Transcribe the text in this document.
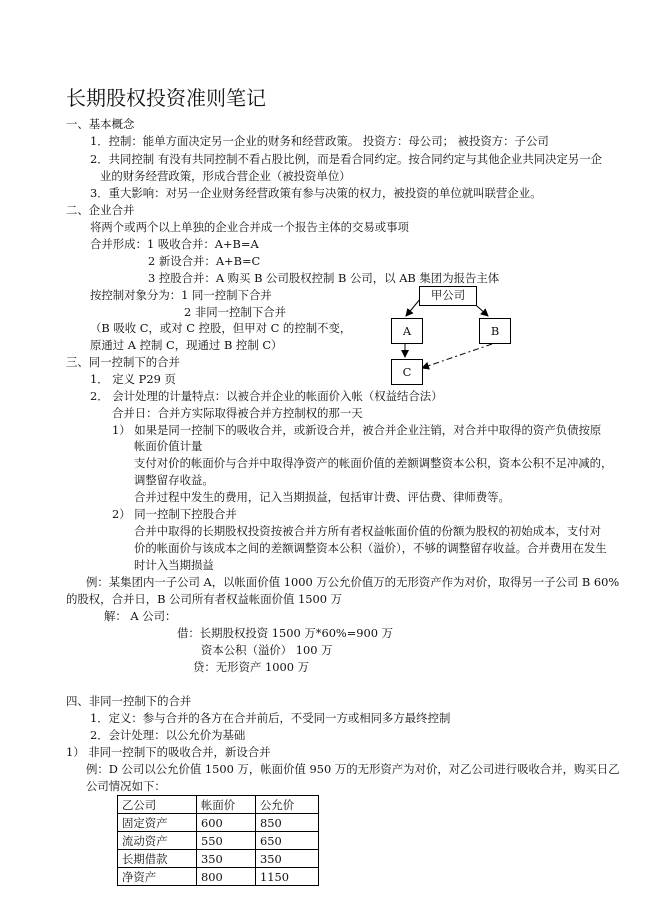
长期股权投资准则笔记
一、基本概念
1．控制：能单方面决定另一企业的财务和经营政策。 投资方：母公司； 被投资方：子公司
2．共同控制 有没有共同控制不看占股比例，而是看合同约定。按合同约定与其他企业共同决定另一企
业的财务经营政策，形成合营企业（被投资单位）
3．重大影响：对另一企业财务经营政策有参与决策的权力，被投资的单位就叫联营企业。
二、企业合并
将两个或两个以上单独的企业合并成一个报告主体的交易或事项
合并形成：1 吸收合并：A+B=A
2 新设合并：A+B=C
3 控股合并：A 购买 B 公司股权控制 B 公司，以 AB 集团为报告主体
按控制对象分为：1 同一控制下合并
2 非同一控制下合并
（B 吸收 C，或对 C 控股，但甲对 C 的控制不变，
原通过 A 控制 C，现通过 B 控制 C）
甲公司
A	B
C
三、同一控制下的合并
1． 定义 P29 页
2． 会计处理的计量特点：以被合并企业的帐面价入帐（权益结合法）
合并日：合并方实际取得被合并方控制权的那一天
1） 如果是同一控制下的吸收合并，或新设合并，被合并企业注销，对合并中取得的资产负债按原
帐面价值计量
支付对价的帐面价与合并中取得净资产的帐面价值的差额调整资本公积，资本公积不足冲减的，
调整留存收益。
合并过程中发生的费用，记入当期损益，包括审计费、评估费、律师费等。
2） 同一控制下控股合并
合并中取得的长期股权投资按被合并方所有者权益帐面价值的份额为股权的初始成本，支付对
价的帐面价与该成本之间的差额调整资本公积（溢价），不够的调整留存收益。合并费用在发生
时计入当期损益
例：某集团内一子公司 A，以帐面价值 1000 万公允价值万的无形资产作为对价，取得另一子公司 B 60%
的股权，合并日，B 公司所有者权益帐面价值 1500 万
解： A 公司：
借：长期股权投资 1500 万*60%=900 万
资本公积（溢价） 100 万
贷：无形资产 1000 万
四、非同一控制下的合并
1．定义：参与合并的各方在合并前后，不受同一方或相同多方最终控制
2．会计处理：以公允价为基础
1） 非同一控制下的吸收合并，新设合并
例：D 公司以公允价值 1500 万，帐面价值 950 万的无形资产为对价，对乙公司进行吸收合并，购买日乙
公司情况如下：
乙公司	帐面价	公允价
固定资产	600	850
流动资产	550	650
长期借款	350	350
净资产	800	1150
